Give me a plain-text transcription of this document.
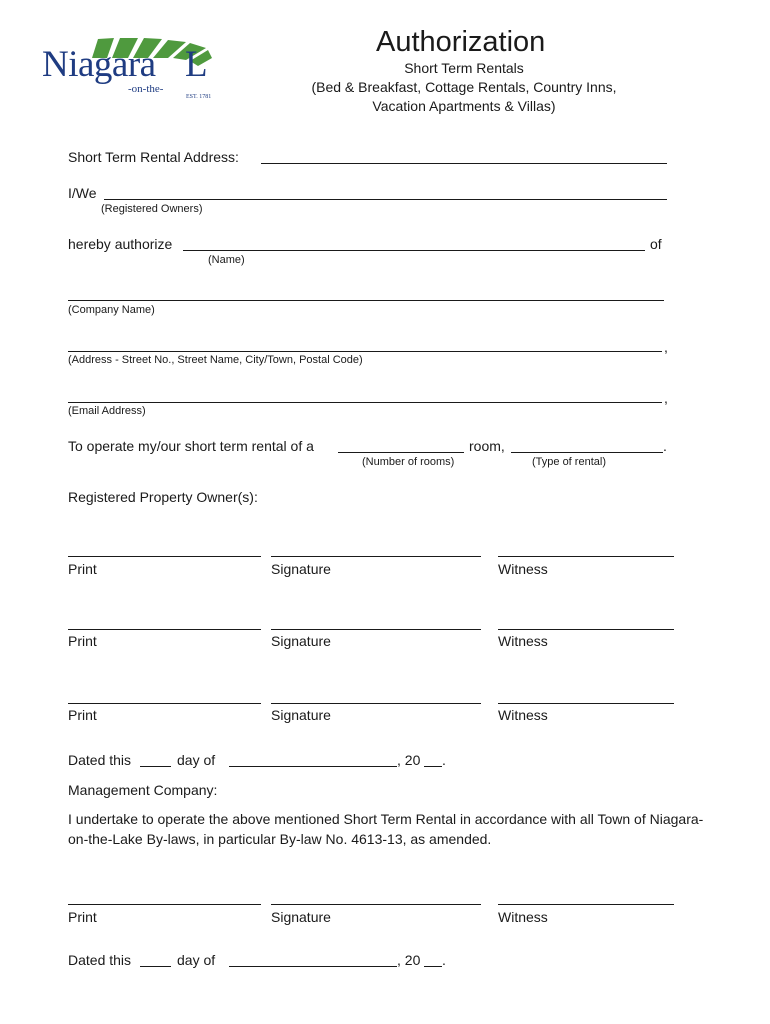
Niagara L
-on-the-
EST. 1781
Authorization
Short Term Rentals
(Bed & Breakfast, Cottage Rentals, Country Inns,
Vacation Apartments & Villas)
Short Term Rental Address:
I/We
(Registered Owners)
hereby authorize	of
(Name)
(Company Name)
,
(Address - Street No., Street Name, City/Town, Postal Code)
,
(Email Address)
To operate my/our short term rental of a	room,	.
(Number of rooms)	(Type of rental)
Registered Property Owner(s):
Print	Signature	Witness
Print	Signature	Witness
Print	Signature	Witness
Dated this	day of	, 20 .
Management Company:
I undertake to operate the above mentioned Short Term Rental in accordance with all Town of Niagara-on-the-Lake By-laws, in particular By-law No. 4613-13, as amended.
Print	Signature	Witness
Dated this	day of	, 20 .
